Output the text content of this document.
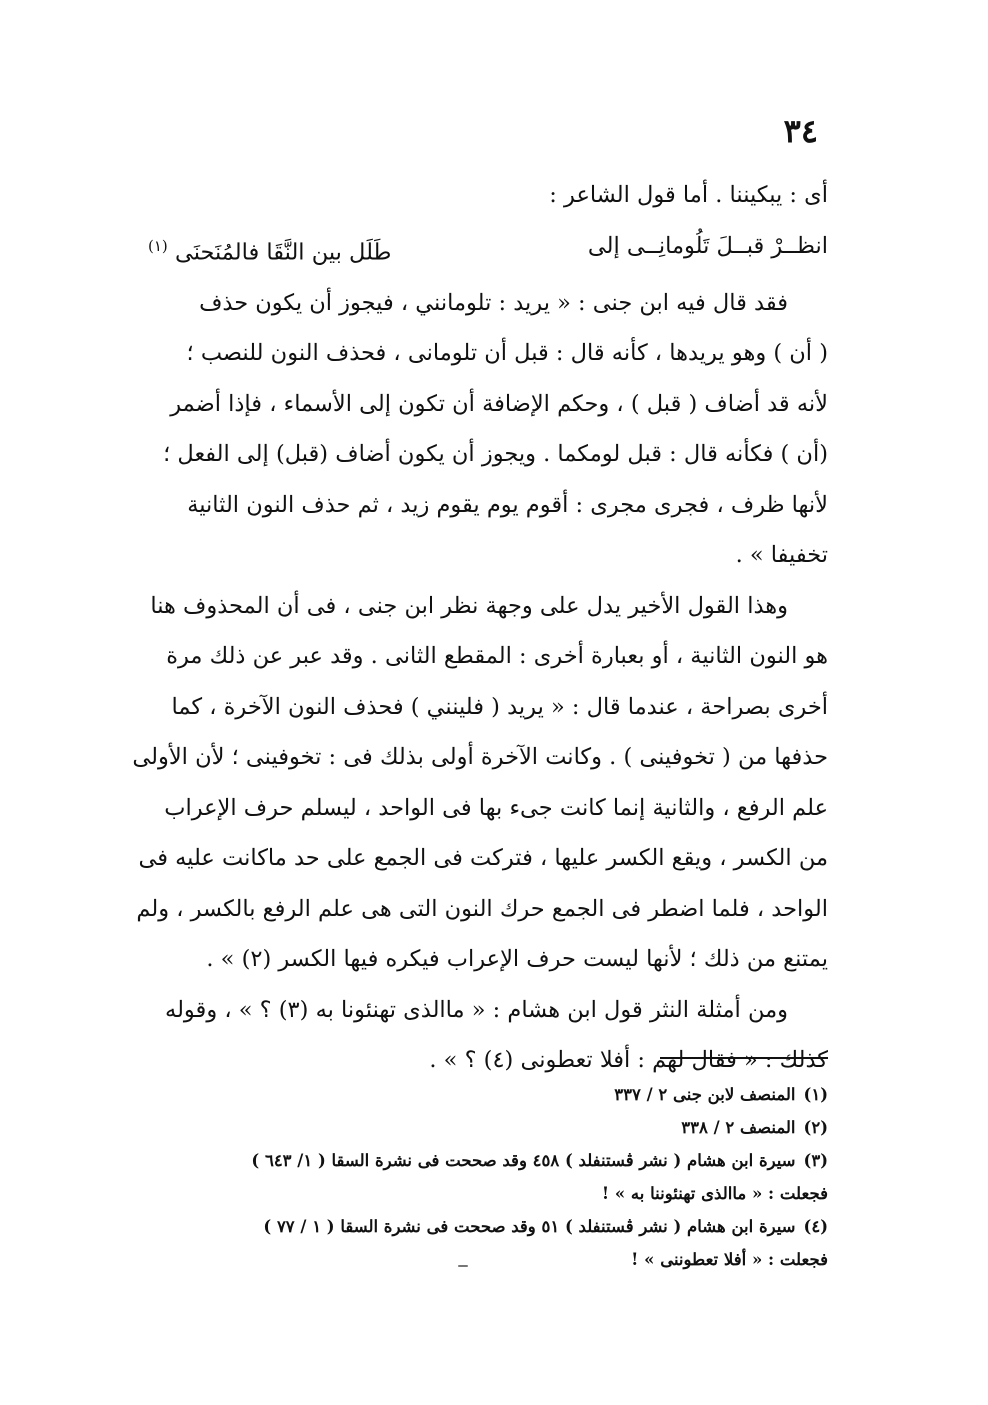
٣٤
أى : يبكيننا . أما قول الشاعر :
انظــرْ قبــلَ تَلُومانِــى إلى
طَلَل بين النَّقَا فالمُنَحنَى $^{(١)}$

فقد قال فيه ابن جنى : « يريد : تلومانني ، فيجوز أن يكون حذف
( أن ) وهو يريدها ، كأنه قال : قبل أن تلومانى ، فحذف النون للنصب ؛
لأنه قد أضاف ( قبل ) ، وحكم الإضافة أن تكون إلى الأسماء ، فإذا أضمر
(أن ) فكأنه قال : قبل لومكما . ويجوز أن يكون أضاف (قبل) إلى الفعل ؛
لأنها ظرف ، فجرى مجرى : أقوم يوم يقوم زيد ، ثم حذف النون الثانية
تخفيفا » .

وهذا القول الأخير يدل على وجهة نظر ابن جنى ، فى أن المحذوف هنا
هو النون الثانية ، أو بعبارة أخرى : المقطع الثانى . وقد عبر عن ذلك مرة
أخرى بصراحة ، عندما قال : « يريد ( فلينني ) فحذف النون الآخرة ، كما
حذفها من ( تخوفينى ) . وكانت الآخرة أولى بذلك فى : تخوفينى ؛ لأن الأولى
علم الرفع ، والثانية إنما كانت جىء بها فى الواحد ، ليسلم حرف الإعراب
من الكسر ، ويقع الكسر عليها ، فتركت فى الجمع على حد ماكانت عليه فى
الواحد ، فلما اضطر فى الجمع حرك النون التى هى علم الرفع بالكسر ، ولم
يمتنع من ذلك ؛ لأنها ليست حرف الإعراب فيكره فيها الكسر (٢) » .

ومن أمثلة النثر قول ابن هشام : « ماالذى تهنئونا به (٣) ؟ » ، وقوله
كذلك : « فقال لهم : أفلا تعطونى (٤) ؟ » .

(١)المنصف لابن جنى ٢ / ٣٣٧
(٢)المنصف ٢ / ٣٣٨
(٣)سيرة ابن هشام ( نشر ڤستنفلد ) ٤٥٨ وقد صححت فى نشرة السقا ( ١/ ٦٤٣ )
فجعلت : « ماالذى تهنئوننا به » !
(٤)سيرة ابن هشام ( نشر ڤستنفلد ) ٥١ وقد صححت فى نشرة السقا ( ١ / ٧٧ )
فجعلت : « أفلا تعطوننى » !
